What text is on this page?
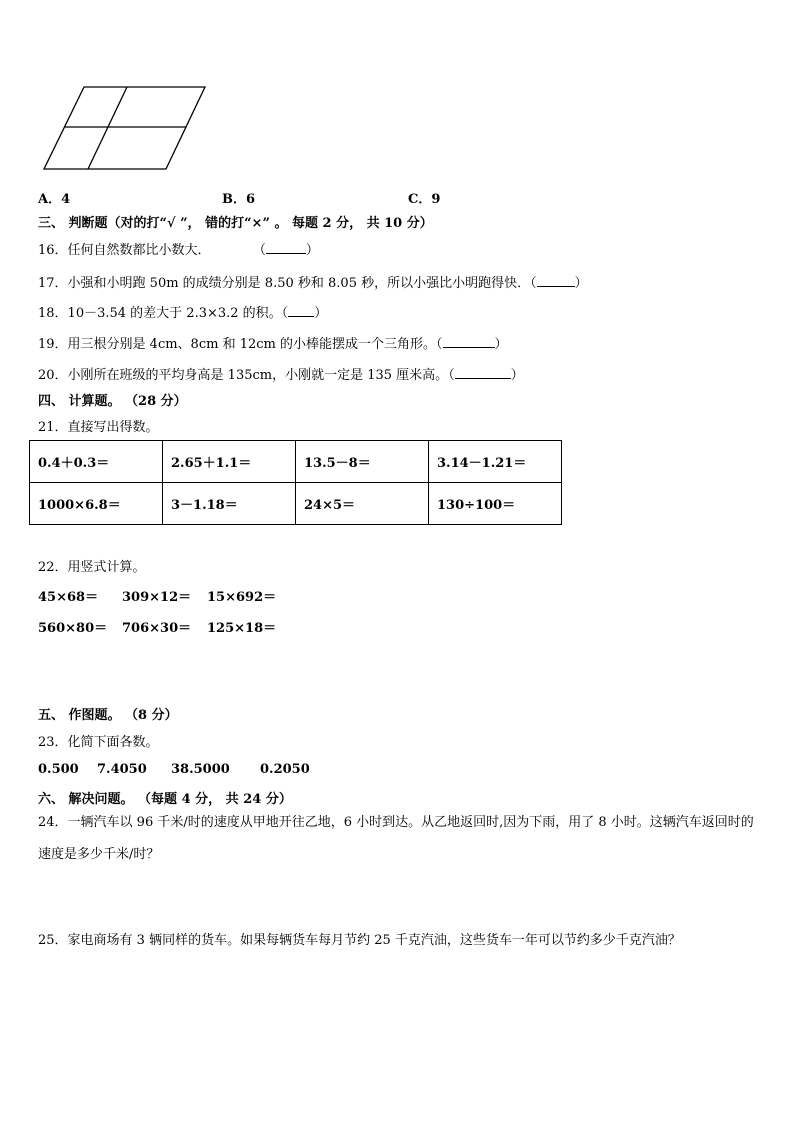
A．4	B．6	C．9
三、 判断题（对的打“√ ”， 错的打“×” 。 每题 2 分， 共 10 分）
16．任何自然数都比小数大．	（	）
17．小强和小明跑 50m 的成绩分别是 8.50 秒和 8.05 秒，所以小强比小明跑得快．（	）
18．10－3.54 的差大于 2.3×3.2 的积。（ ）
19．用三根分别是 4cm、8cm 和 12cm 的小棒能摆成一个三角形。（	）
20．小刚所在班级的平均身高是 135cm，小刚就一定是 135 厘米高。（	）
四、 计算题。 （28 分）
21．直接写出得数。
0.4＋0.3＝	2.65＋1.1＝	13.5－8＝	3.14－1.21＝
1000×6.8＝	3－1.18＝	24×5＝	130÷100＝
22．用竖式计算。
45×68＝ 309×12＝ 15×692＝
560×80＝ 706×30＝ 125×18＝
五、 作图题。 （8 分）
23．化简下面各数。
0.500 7.4050 38.5000 0.2050
六、 解决问题。 （每题 4 分， 共 24 分）
24．一辆汽车以 96 千米/时的速度从甲地开往乙地，6 小时到达。从乙地返回时,因为下雨，用了 8 小时。这辆汽车返回时的速度是多少千米/时？
25．家电商场有 3 辆同样的货车。如果每辆货车每月节约 25 千克汽油，这些货车一年可以节约多少千克汽油？
